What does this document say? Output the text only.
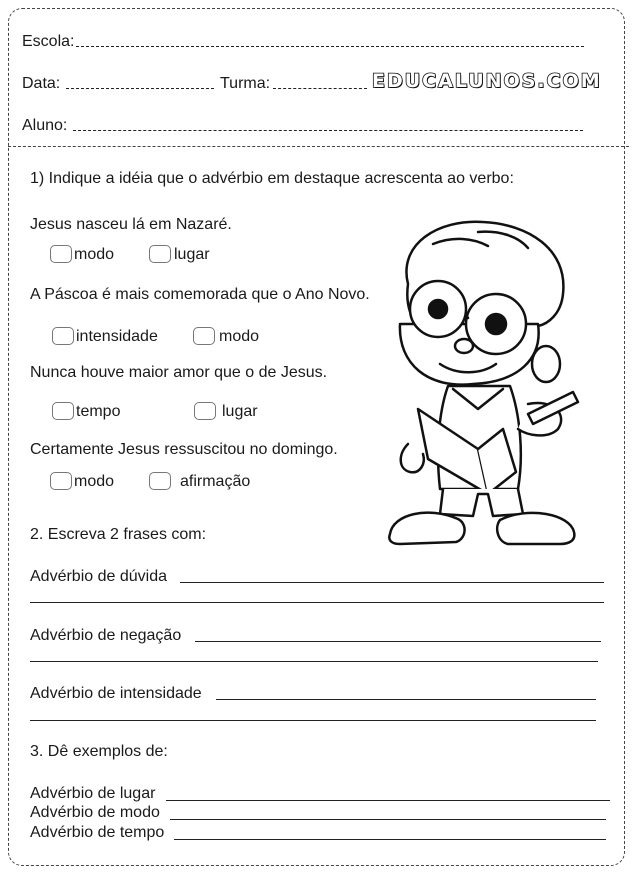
Escola:
Data:	Turma:	EDUCALUNOS.COM
Aluno:
1) Indique a idéia que o advérbio em destaque acrescenta ao verbo:
Jesus nasceu lá em Nazaré.
modo	lugar
A Páscoa é mais comemorada que o Ano Novo.
intensidade	modo
Nunca houve maior amor que o de Jesus.
tempo	lugar
Certamente Jesus ressuscitou no domingo.
modo	afirmação
2. Escreva 2 frases com:
Advérbio de dúvida
Advérbio de negação
Advérbio de intensidade
3. Dê exemplos de:
Advérbio de lugar
Advérbio de modo
Advérbio de tempo
